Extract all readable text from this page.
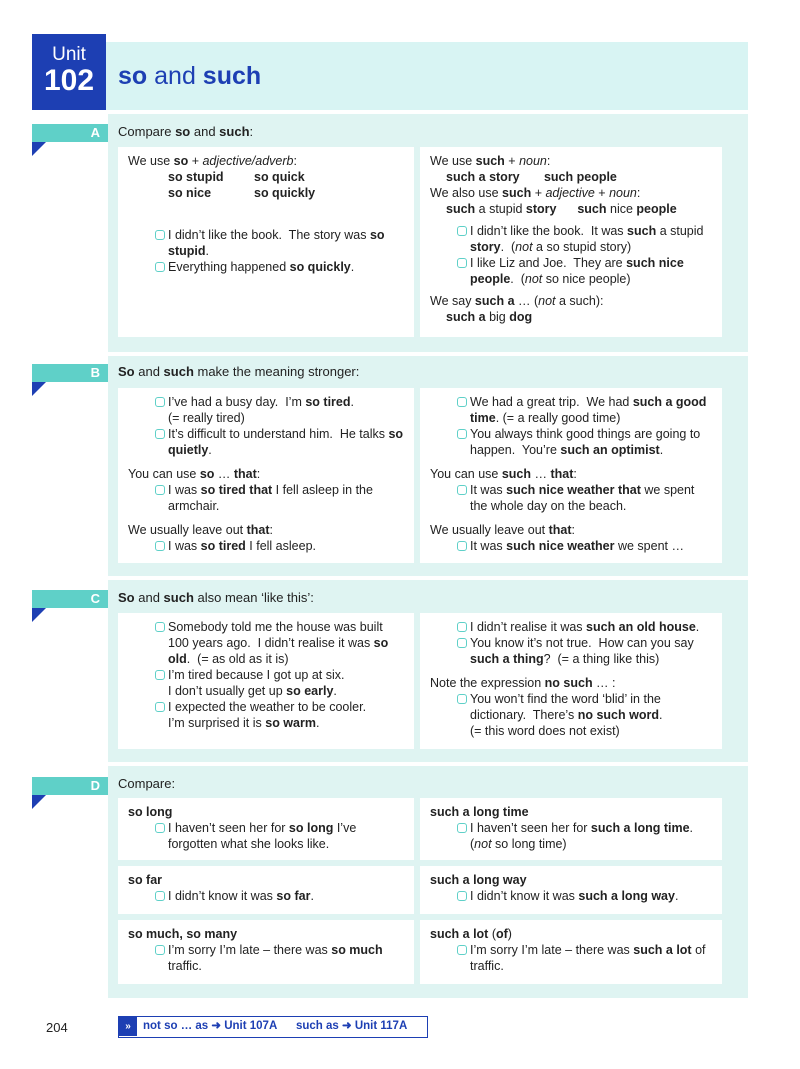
Unit
102 so and such
A	Compare so and such:

We use so + adjective/adverb:

so stupid	so quick
so nice	so quickly

I didn’t like the book.  The story was so stupid.

Everything happened so quickly.

We use such + noun:

such a story such people

We also use such + adjective + noun:

such a stupid story such nice people

I didn’t like the book.  It was such a stupid story.  (not a so stupid story)

I like Liz and Joe.  They are such nice people.  (not so nice people)

We say such a … (not a such):

such a big dog

B	So and such make the meaning stronger:

I’ve had a busy day.  I’m so tired.
(= really tired)

It’s difficult to understand him.  He talks so quietly.

You can use so … that:

I was so tired that I fell asleep in the armchair.

We usually leave out that:

I was so tired I fell asleep.

We had a great trip.  We had such a good time. (= a really good time)

You always think good things are going to happen.  You’re such an optimist.

You can use such … that:

It was such nice weather that we spent the whole day on the beach.

We usually leave out that:

It was such nice weather we spent …

C	So and such also mean ‘like this’:

Somebody told me the house was built 100 years ago.  I didn’t realise it was so old.  (= as old as it is)

I’m tired because I got up at six.
I don’t usually get up so early.

I expected the weather to be cooler.
I’m surprised it is so warm.

I didn’t realise it was such an old house.

You know it’s not true.  How can you say such a thing?  (= a thing like this)

Note the expression no such … :

You won’t find the word ‘blid’ in the dictionary.  There’s no such word.
(= this word does not exist)

D	Compare:

so long

I haven’t seen her for so long I’ve forgotten what she looks like.

such a long time

I haven’t seen her for such a long time.
(not so long time)

so far

I didn’t know it was so far.

such a long way

I didn’t know it was such a long way.

so much, so many

I’m sorry I’m late – there was so much traffic.

such a lot (of)

I’m sorry I’m late – there was such a lot of traffic.

204	» not so … as ➜ Unit 107A      such as ➜ Unit 117A
